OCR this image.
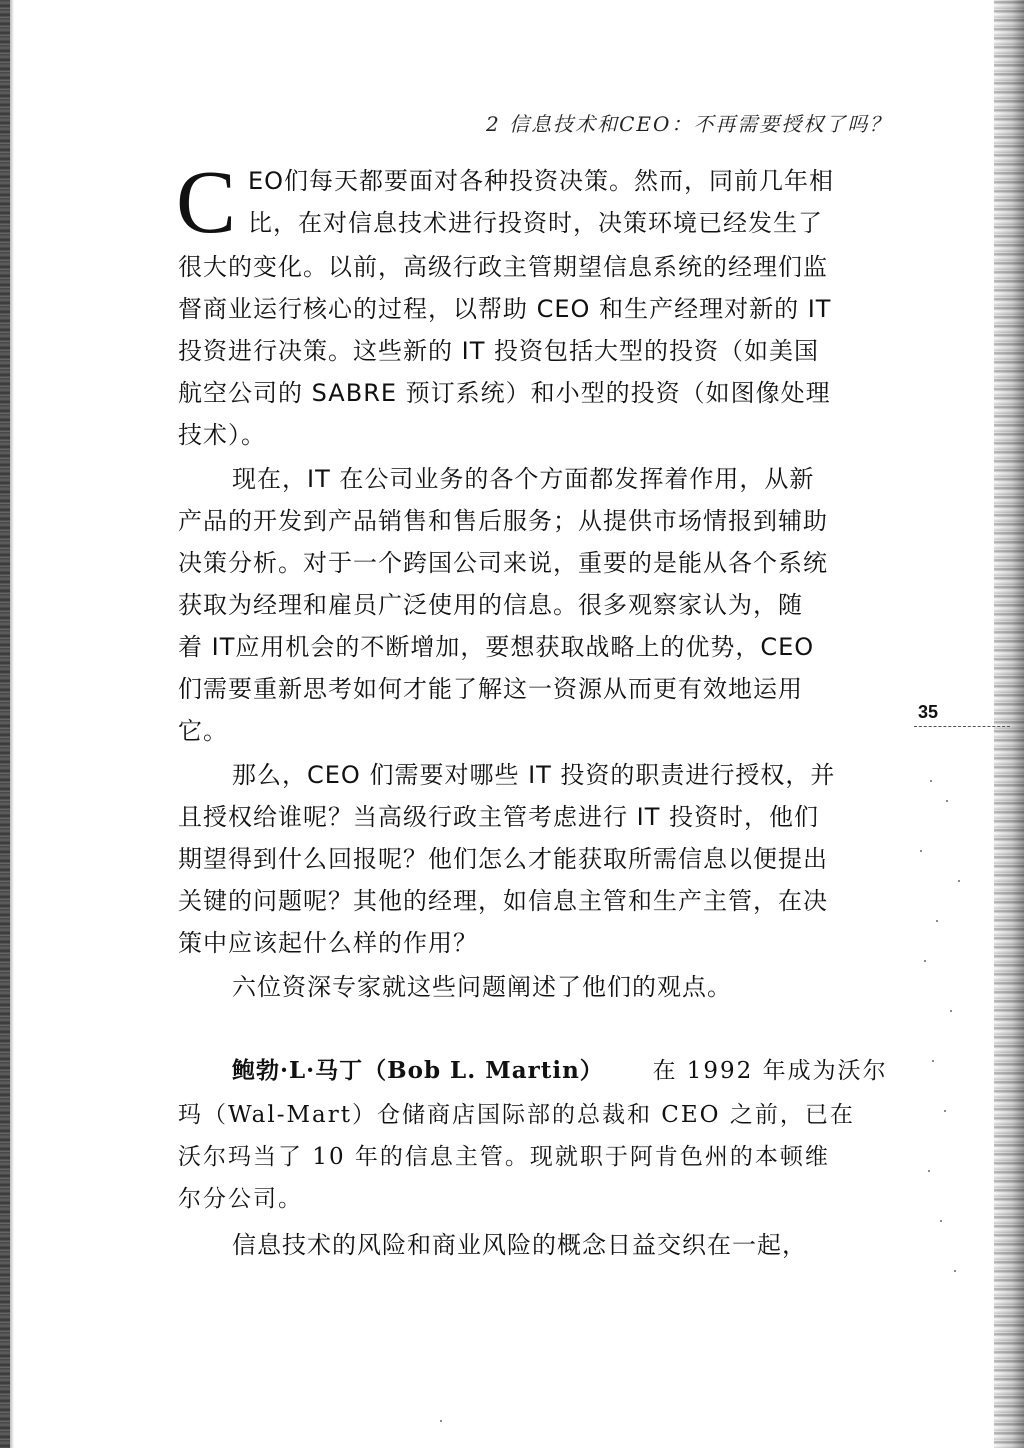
2 信息技术和CEO：不再需要授权了吗？
C EO们每天都要面对各种投资决策。然而，同前几年相
比，在对信息技术进行投资时，决策环境已经发生了
很大的变化。以前，高级行政主管期望信息系统的经理们监
督商业运行核心的过程，以帮助 CEO 和生产经理对新的 IT
投资进行决策。这些新的 IT 投资包括大型的投资（如美国
航空公司的 SABRE 预订系统）和小型的投资（如图像处理
技术）。
现在，IT 在公司业务的各个方面都发挥着作用，从新
产品的开发到产品销售和售后服务；从提供市场情报到辅助
决策分析。对于一个跨国公司来说，重要的是能从各个系统
获取为经理和雇员广泛使用的信息。很多观察家认为，随
着 IT应用机会的不断增加，要想获取战略上的优势，CEO
们需要重新思考如何才能了解这一资源从而更有效地运用
它。
那么，CEO 们需要对哪些 IT 投资的职责进行授权，并
且授权给谁呢？当高级行政主管考虑进行 IT 投资时，他们
期望得到什么回报呢？他们怎么才能获取所需信息以便提出
关键的问题呢？其他的经理，如信息主管和生产主管，在决
策中应该起什么样的作用？
六位资深专家就这些问题阐述了他们的观点。
鲍勃·L·马丁（Bob L. Martin） 在 1992 年成为沃尔
玛（Wal-Mart）仓储商店国际部的总裁和 CEO 之前，已在
沃尔玛当了 10 年的信息主管。现就职于阿肯色州的本顿维
尔分公司。
信息技术的风险和商业风险的概念日益交织在一起，
35
